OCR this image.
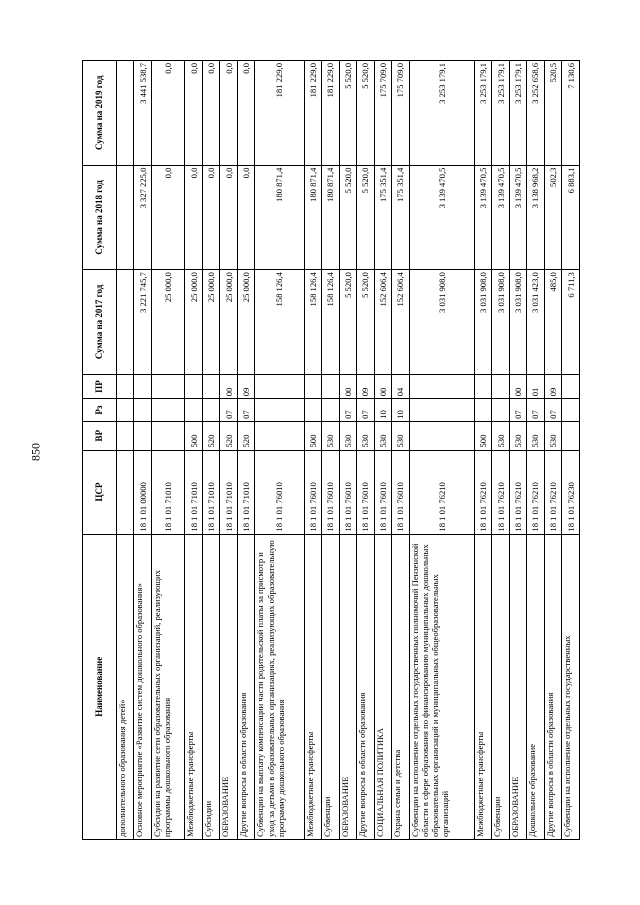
850
Наименование	ЦСР	ВР	Рз	ПР	Сумма на 2017 год	Сумма на 2018 год	Сумма на 2019 год
дополнительного образования детей»							
Основное мероприятие «Развитие систем дошкольного образования»	18 1 01 00000				3 221 745,7	3 327 225,0	3 441 538,7
Субсидии на развитие сети образовательных организаций, реализующих программы дошкольного образования	18 1 01 71010				25 000,0	0,0	0,0
Межбюджетные трансферты	18 1 01 71010	500			25 000,0	0,0	0,0
Субсидии	18 1 01 71010	520			25 000,0	0,0	0,0
ОБРАЗОВАНИЕ	18 1 01 71010	520	07	00	25 000,0	0,0	0,0
Другие вопросы в области образования	18 1 01 71010	520	07	09	25 000,0	0,0	0,0
Субвенции на выплату компенсации части родительской платы за присмотр и уход за детьми в образовательных организациях, реализующих образовательную программу дошкольного образования	18 1 01 76010				158 126,4	180 871,4	181 229,0
Межбюджетные трансферты	18 1 01 76010	500			158 126,4	180 871,4	181 229,0
Субвенции	18 1 01 76010	530			158 126,4	180 871,4	181 229,0
ОБРАЗОВАНИЕ	18 1 01 76010	530	07	00	5 520,0	5 520,0	5 520,0
Другие вопросы в области образования	18 1 01 76010	530	07	09	5 520,0	5 520,0	5 520,0
СОЦИАЛЬНАЯ ПОЛИТИКА	18 1 01 76010	530	10	00	152 606,4	175 351,4	175 709,0
Охрана семьи и детства	18 1 01 76010	530	10	04	152 606,4	175 351,4	175 709,0
Субвенции на исполнение отдельных государственных полномочий Пензенской области в сфере образования по финансированию муниципальных дошкольных образовательных организаций и муниципальных общеобразовательных организаций	18 1 01 76210				3 031 908,0	3 139 470,5	3 253 179,1
Межбюджетные трансферты	18 1 01 76210	500			3 031 908,0	3 139 470,5	3 253 179,1
Субвенции	18 1 01 76210	530			3 031 908,0	3 139 470,5	3 253 179,1
ОБРАЗОВАНИЕ	18 1 01 76210	530	07	00	3 031 908,0	3 139 470,5	3 253 179,1
Дошкольное образование	18 1 01 76210	530	07	01	3 031 423,0	3 138 968,2	3 252 658,6
Другие вопросы в области образования	18 1 01 76210	530	07	09	485,0	502,3	520,5
Субвенции на исполнение отдельных государственных	18 1 01 76230				6 711,3	6 883,1	7 130,6
